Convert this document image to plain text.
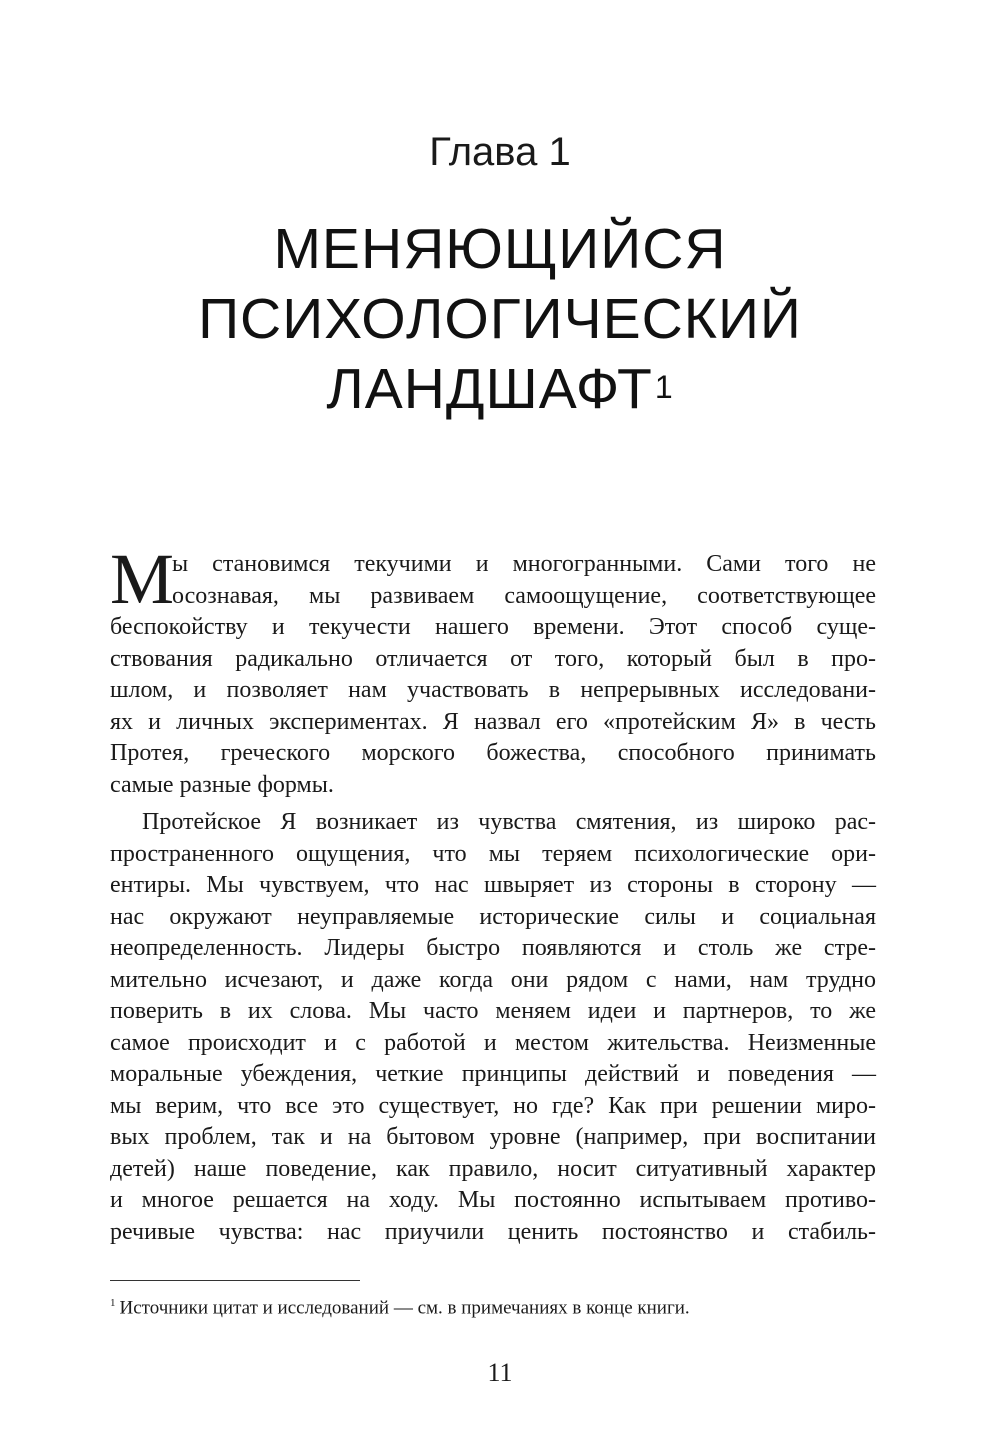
Глава 1
МЕНЯЮЩИЙСЯ
ПСИХОЛОГИЧЕСКИЙ
ЛАНДШАФТ$^1$
М
ы становимся текучими и многогранными. Сами того не
осознавая, мы развиваем самоощущение, соответствующее
беспокойству и текучести нашего времени. Этот способ суще-
ствования радикально отличается от того, который был в про-
шлом, и позволяет нам участвовать в непрерывных исследовани-
ях и личных экспериментах. Я назвал его «протейским Я» в честь
Протея, греческого морского божества, способного принимать
самые разные формы.
Протейское Я возникает из чувства смятения, из широко рас-
пространенного ощущения, что мы теряем психологические ори-
ентиры. Мы чувствуем, что нас швыряет из стороны в сторону —
нас окружают неуправляемые исторические силы и социальная
неопределенность. Лидеры быстро появляются и столь же стре-
мительно исчезают, и даже когда они рядом с нами, нам трудно
поверить в их слова. Мы часто меняем идеи и партнеров, то же
самое происходит и с работой и местом жительства. Неизменные
моральные убеждения, четкие принципы действий и поведения —
мы верим, что все это существует, но где? Как при решении миро-
вых проблем, так и на бытовом уровне (например, при воспитании
детей) наше поведение, как правило, носит ситуативный характер
и многое решается на ходу. Мы постоянно испытываем противо-
речивые чувства: нас приучили ценить постоянство и стабиль-
$^1$ Источники цитат и исследований — см. в примечаниях в конце книги.
11
